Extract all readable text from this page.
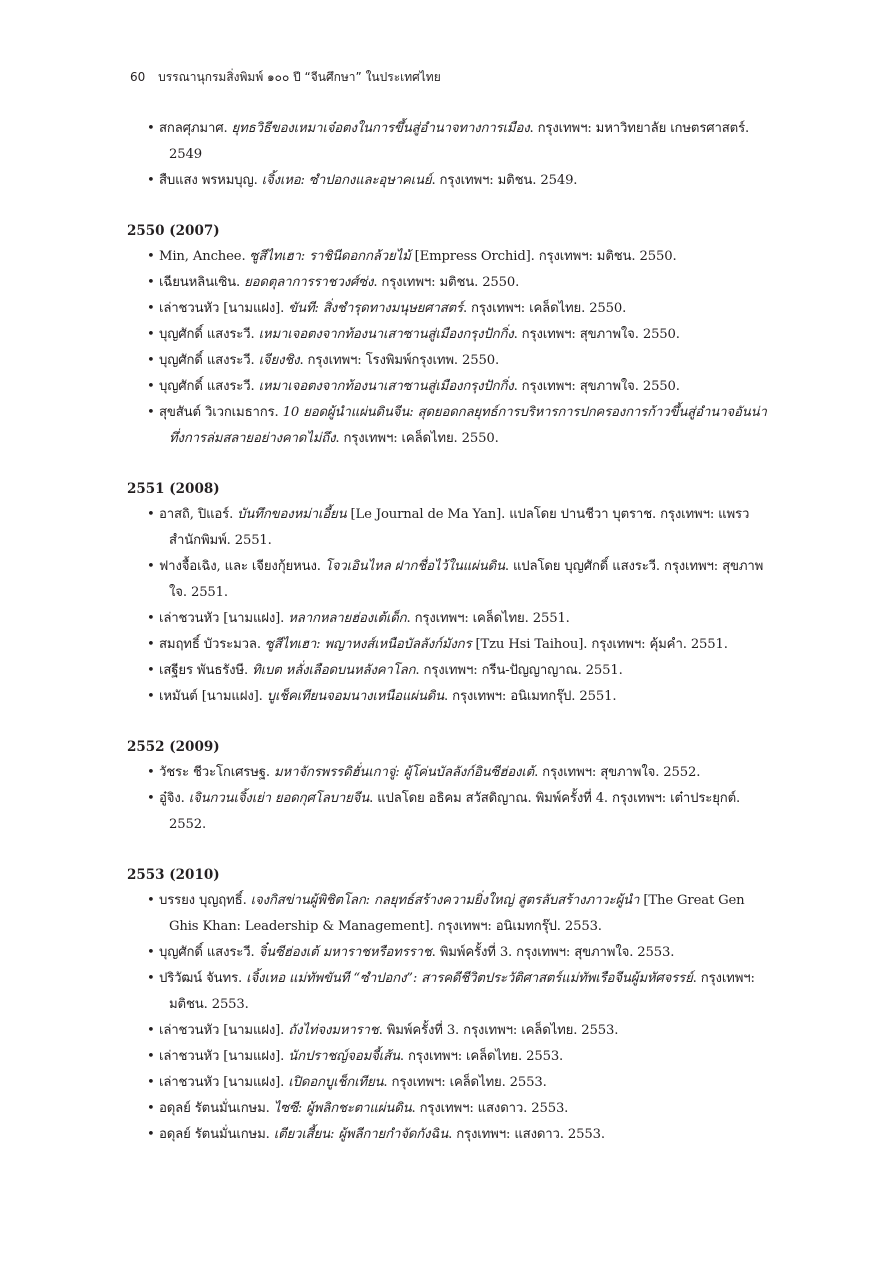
60 บรรณานุกรมสิ่งพิมพ์ ๑๐๐ ปี “จีนศึกษา” ในประเทศไทย
• สกลศุภมาศ. ยุทธวิธีของเหมาเจ๋อตงในการขึ้นสู่อำนาจทางการเมือง. กรุงเทพฯ: มหาวิทยาลัย เกษตรศาสตร์. 2549
• สืบแสง พรหมบุญ. เจิ้งเหอ: ซำปอกงและอุษาคเนย์. กรุงเทพฯ: มติชน. 2549.
2550 (2007)
• Min, Anchee. ซูสีไทเฮา: ราชินีดอกกล้วยไม้ [Empress Orchid]. กรุงเทพฯ: มติชน. 2550.
• เฉียนหลินเซิน. ยอดตุลาการราชวงศ์ซ่ง. กรุงเทพฯ: มติชน. 2550.
• เล่าชวนหัว [นามแฝง]. ขันที: สิ่งชำรุดทางมนุษยศาสตร์. กรุงเทพฯ: เคล็ดไทย. 2550.
• บุญศักดิ์ แสงระวี. เหมาเจอตงจากท้องนาเสาซานสู่เมืองกรุงปักกิ่ง. กรุงเทพฯ: สุขภาพใจ. 2550.
• บุญศักดิ์ แสงระวี. เจียงชิง. กรุงเทพฯ: โรงพิมพ์กรุงเทพ. 2550.
• บุญศักดิ์ แสงระวี. เหมาเจอตงจากท้องนาเสาซานสู่เมืองกรุงปักกิ่ง. กรุงเทพฯ: สุขภาพใจ. 2550.
• สุขสันต์ วิเวกเมธากร. 10 ยอดผู้นำแผ่นดินจีน: สุดยอดกลยุทธ์การบริหารการปกครองการก้าวขึ้นสู่อำนาจอันน่าทึ่งการล่มสลายอย่างคาดไม่ถึง. กรุงเทพฯ: เคล็ดไทย. 2550.
2551 (2008)
• อาสถิ, ปิแอร์. บันทึกของหม่าเอี้ยน [Le Journal de Ma Yan]. แปลโดย ปานชีวา บุตราช. กรุงเทพฯ: แพรว สำนักพิมพ์. 2551.
• ฟางจื้อเฉิง, และ เจียงกุ้ยหนง. โจวเอินไหล ฝากชื่อไว้ในแผ่นดิน. แปลโดย บุญศักดิ์ แสงระวี. กรุงเทพฯ: สุขภาพใจ. 2551.
• เล่าชวนหัว [นามแฝง]. หลากหลายฮ่องเต้เด็ก. กรุงเทพฯ: เคล็ดไทย. 2551.
• สมฤทธิ์ บัวระมวล. ซูสีไทเฮา: พญาหงส์เหนือบัลลังก์มังกร [Tzu Hsi Taihou]. กรุงเทพฯ: คุ้มคำ. 2551.
• เสฐียร พันธรังษี. ทิเบต หลั่งเลือดบนหลังคาโลก. กรุงเทพฯ: กรีน-ปัญญาญาณ. 2551.
• เหมันต์ [นามแฝง]. บูเช็คเทียนจอมนางเหนือแผ่นดิน. กรุงเทพฯ: อนิเมทกรุ๊ป. 2551.
2552 (2009)
• วัชระ ชีวะโกเศรษฐ. มหาจักรพรรดิฮั่นเกาจู่: ผู้โค่นบัลลังก์อินซีฮ่องเต้. กรุงเทพฯ: สุขภาพใจ. 2552.
• อู๋จิง. เจินกวนเจิ้งเย่า ยอดกุศโลบายจีน. แปลโดย อธิคม สวัสดิญาณ. พิมพ์ครั้งที่ 4. กรุงเทพฯ: เต๋าประยุกต์. 2552.
2553 (2010)
• บรรยง บุญฤทธิ์. เจงกิสข่านผู้พิชิตโลก: กลยุทธ์สร้างความยิ่งใหญ่ สูตรลับสร้างภาวะผู้นำ [The Great Gen Ghis Khan: Leadership & Management]. กรุงเทพฯ: อนิเมทกรุ๊ป. 2553.
• บุญศักดิ์ แสงระวี. จิ๋นซีฮ่องเต้ มหาราชหรือทรราช. พิมพ์ครั้งที่ 3. กรุงเทพฯ: สุขภาพใจ. 2553.
• ปริวัฒน์ จันทร. เจิ้งเหอ แม่ทัพขันที “ซำปอกง”: สารคดีชีวิตประวัติศาสตร์แม่ทัพเรือจีนผู้มหัศจรรย์. กรุงเทพฯ: มติชน. 2553.
• เล่าชวนหัว [นามแฝง]. ถังไท่จงมหาราช. พิมพ์ครั้งที่ 3. กรุงเทพฯ: เคล็ดไทย. 2553.
• เล่าชวนหัว [นามแฝง]. นักปราชญ์จอมจี้เส้น. กรุงเทพฯ: เคล็ดไทย. 2553.
• เล่าชวนหัว [นามแฝง]. เปิดอกบูเช็กเทียน. กรุงเทพฯ: เคล็ดไทย. 2553.
• อดุลย์ รัตนมั่นเกษม. ไซซี: ผู้พลิกชะตาแผ่นดิน. กรุงเทพฯ: แสงดาว. 2553.
• อดุลย์ รัตนมั่นเกษม. เตียวเสี้ยน: ผู้พลีกายกำจัดกังฉิน. กรุงเทพฯ: แสงดาว. 2553.
